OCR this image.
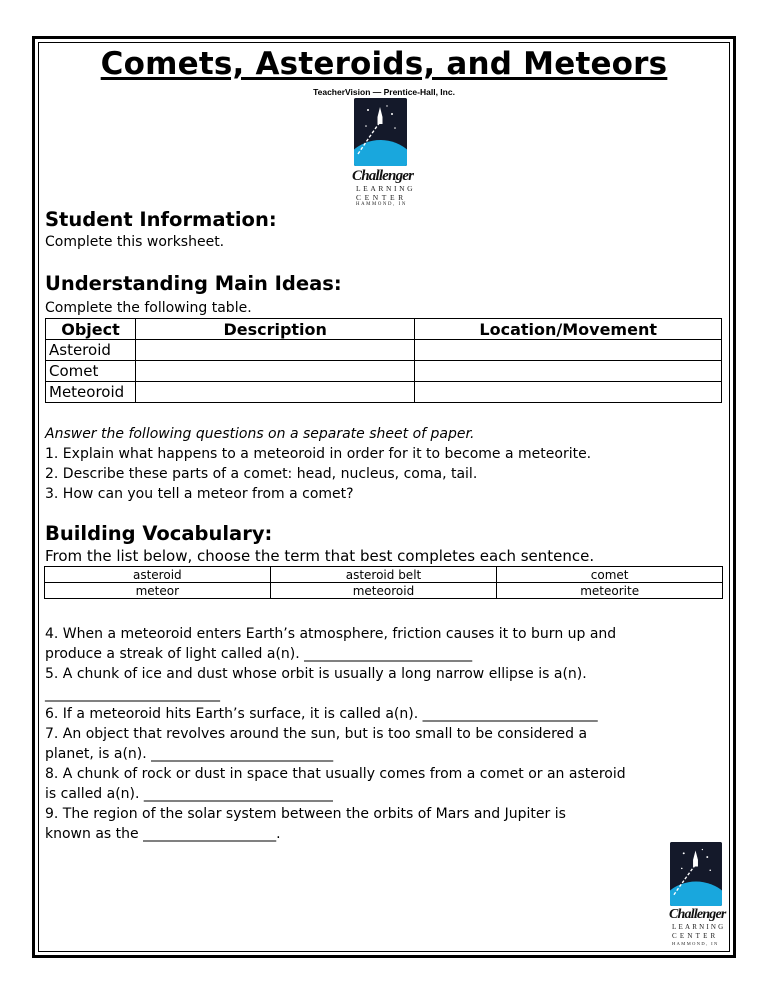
Comets, Asteroids, and Meteors
TeacherVision — Prentice-Hall, Inc.
Challenger
LEARNING
CENTER
HAMMOND, IN
Student Information:

Complete this worksheet.

Understanding Main Ideas:

Complete the following table.

Object	Description	Location/Movement
Asteroid		
Comet		
Meteoroid		

Answer the following questions on a separate sheet of paper.

1. Explain what happens to a meteoroid in order for it to become a meteorite.

2. Describe these parts of a comet: head, nucleus, coma, tail.

3. How can you tell a meteor from a comet?

Building Vocabulary:

From the list below, choose the term that best completes each sentence.

asteroid	asteroid belt	comet
meteor	meteoroid	meteorite

4. When a meteoroid enters Earth’s atmosphere, friction causes it to burn up and

produce a streak of light called a(n). ________________________

5. A chunk of ice and dust whose orbit is usually a long narrow ellipse is a(n).

_________________________

6. If a meteoroid hits Earth’s surface, it is called a(n). _________________________

7. An object that revolves around the sun, but is too small to be considered a

planet, is a(n). __________________________

8. A chunk of rock or dust in space that usually comes from a comet or an asteroid

is called a(n). ___________________________

9. The region of the solar system between the orbits of Mars and Jupiter is

known as the ___________________.

Challenger
LEARNING
CENTER
HAMMOND, IN
